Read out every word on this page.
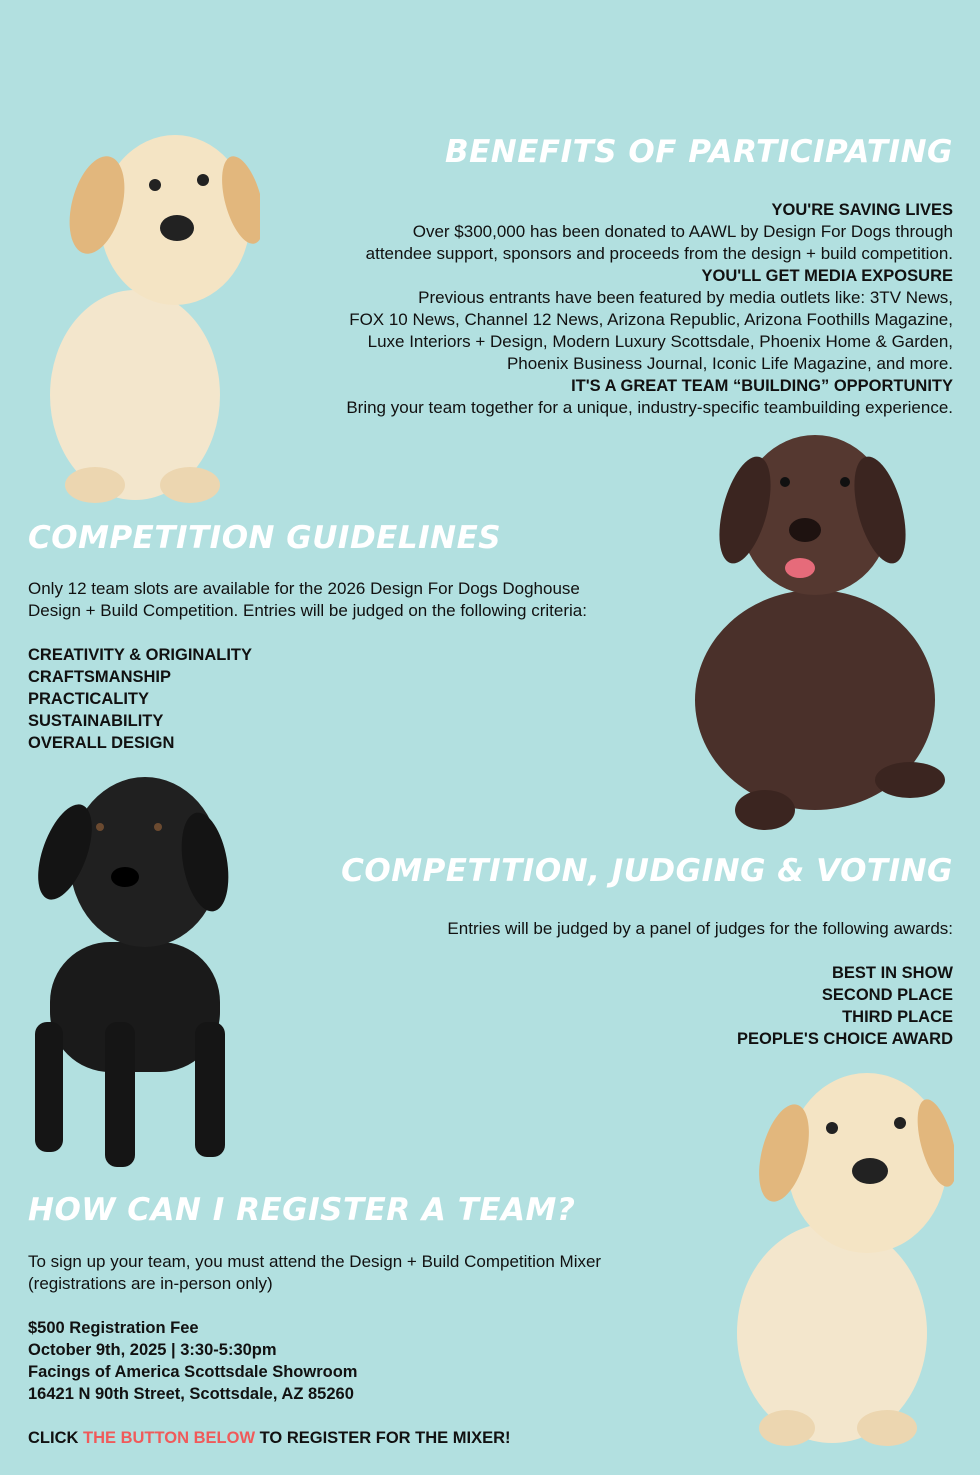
BENEFITS OF PARTICIPATING
YOU'RE SAVING LIVES
Over $300,000 has been donated to AAWL by Design For Dogs through
attendee support, sponsors and proceeds from the design + build competition.
YOU'LL GET MEDIA EXPOSURE
Previous entrants have been featured by media outlets like: 3TV News,
FOX 10 News, Channel 12 News, Arizona Republic, Arizona Foothills Magazine,
Luxe Interiors + Design, Modern Luxury Scottsdale, Phoenix Home & Garden,
Phoenix Business Journal, Iconic Life Magazine, and more.
IT'S A GREAT TEAM “BUILDING” OPPORTUNITY
Bring your team together for a unique, industry-specific teambuilding experience.
COMPETITION GUIDELINES
Only 12 team slots are available for the 2026 Design For Dogs Doghouse
Design + Build Competition. Entries will be judged on the following criteria:
CREATIVITY & ORIGINALITY
CRAFTSMANSHIP
PRACTICALITY
SUSTAINABILITY
OVERALL DESIGN
COMPETITION, JUDGING & VOTING
Entries will be judged by a panel of judges for the following awards:
BEST IN SHOW
SECOND PLACE
THIRD PLACE
PEOPLE'S CHOICE AWARD
HOW CAN I REGISTER A TEAM?
To sign up your team, you must attend the Design + Build Competition Mixer
(registrations are in-person only)
$500 Registration Fee
October 9th, 2025 | 3:30-5:30pm
Facings of America Scottsdale Showroom
16421 N 90th Street, Scottsdale, AZ 85260
CLICK THE BUTTON BELOW TO REGISTER FOR THE MIXER!
